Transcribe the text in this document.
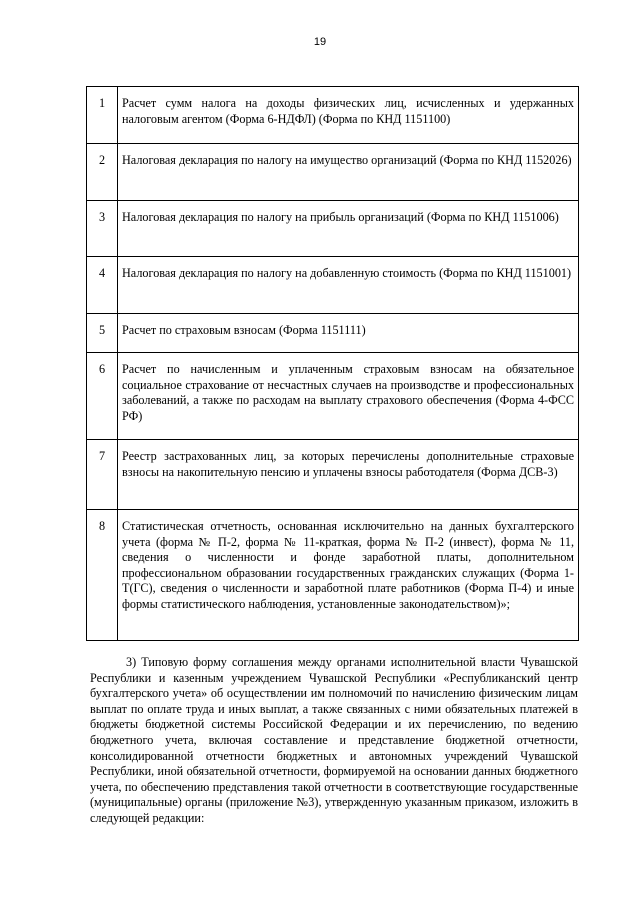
19
1	Расчет сумм налога на доходы физических лиц, исчисленных и удержанных налоговым агентом (Форма 6-НДФЛ) (Форма по КНД 1151100)
2	Налоговая декларация по налогу на имущество организаций (Форма по КНД 1152026)
3	Налоговая декларация по налогу на прибыль организаций (Форма по КНД 1151006)
4	Налоговая декларация по налогу на добавленную стоимость (Форма по КНД 1151001)
5	Расчет по страховым взносам (Форма 1151111)
6	Расчет по начисленным и уплаченным страховым взносам на обязательное социальное страхование от несчастных случаев на производстве и профессиональных заболеваний, а также по расходам на выплату страхового обеспечения (Форма 4-ФСС РФ)
7	Реестр застрахованных лиц, за которых перечислены дополнительные страховые взносы на накопительную пенсию и уплачены взносы работодателя (Форма ДСВ-3)
8	Статистическая отчетность, основанная исключительно на данных бухгалтерского учета (форма № П-2, форма № 11-краткая, форма № П-2 (инвест), форма № 11, сведения о численности и фонде заработной платы, дополнительном профессиональном образовании государственных гражданских служащих (Форма 1-Т(ГС), сведения о численности и заработной плате работников (Форма П-4) и иные формы статистического наблюдения, установленные законодательством)»;

3) Типовую форму соглашения между органами исполнительной власти Чувашской Республики и казенным учреждением Чувашской Республики «Республиканский центр бухгалтерского учета» об осуществлении им полномочий по начислению физическим лицам выплат по оплате труда и иных выплат, а также связанных с ними обязательных платежей в бюджеты бюджетной системы Российской Федерации и их перечислению, по ведению бюджетного учета, включая составление и представление бюджетной отчетности, консолидированной отчетности бюджетных и автономных учреждений Чувашской Республики, иной обязательной отчетности, формируемой на основании данных бюджетного учета, по обеспечению представления такой отчетности в соответствующие государственные (муниципальные) органы (приложение №3), утвержденную указанным приказом, изложить в следующей редакции:
